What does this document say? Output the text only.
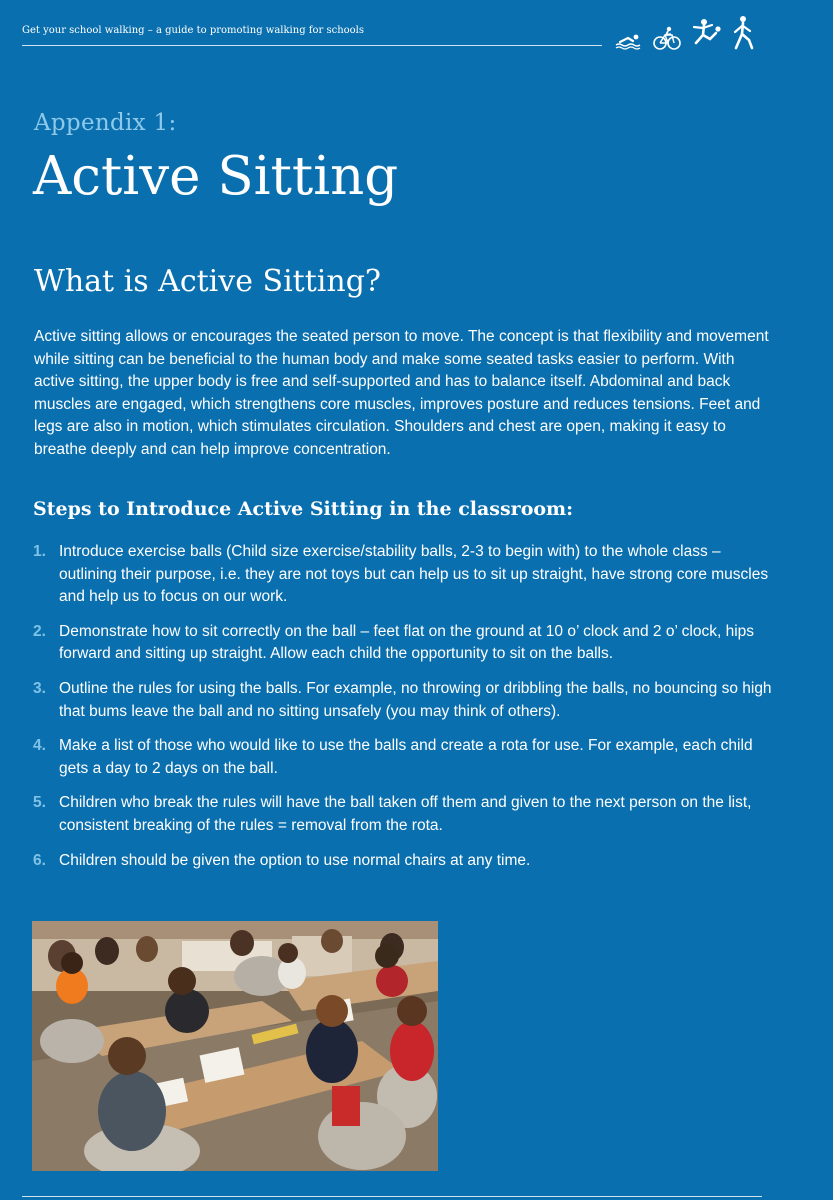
Get your school walking – a guide to promoting walking for schools
Appendix 1:
Active Sitting
What is Active Sitting?

Active sitting allows or encourages the seated person to move. The concept is that flexibility and movement while sitting can be beneficial to the human body and make some seated tasks easier to perform. With active sitting, the upper body is free and self-supported and has to balance itself. Abdominal and back muscles are engaged, which strengthens core muscles, improves posture and reduces tensions. Feet and legs are also in motion, which stimulates circulation. Shoulders and chest are open, making it easy to breathe deeply and can help improve concentration.

Steps to Introduce Active Sitting in the classroom:
1. Introduce exercise balls (Child size exercise/stability balls, 2-3 to begin with) to the whole class – outlining their purpose, i.e. they are not toys but can help us to sit up straight, have strong core muscles and help us to focus on our work.
2. Demonstrate how to sit correctly on the ball – feet flat on the ground at 10 o’ clock and 2 o’ clock, hips forward and sitting up straight. Allow each child the opportunity to sit on the balls.
3. Outline the rules for using the balls. For example, no throwing or dribbling the balls, no bouncing so high that bums leave the ball and no sitting unsafely (you may think of others).
4. Make a list of those who would like to use the balls and create a rota for use. For example, each child gets a day to 2 days on the ball.
5. Children who break the rules will have the ball taken off them and given to the next person on the list, consistent breaking of the rules = removal from the rota.
6. Children should be given the option to use normal chairs at any time.
